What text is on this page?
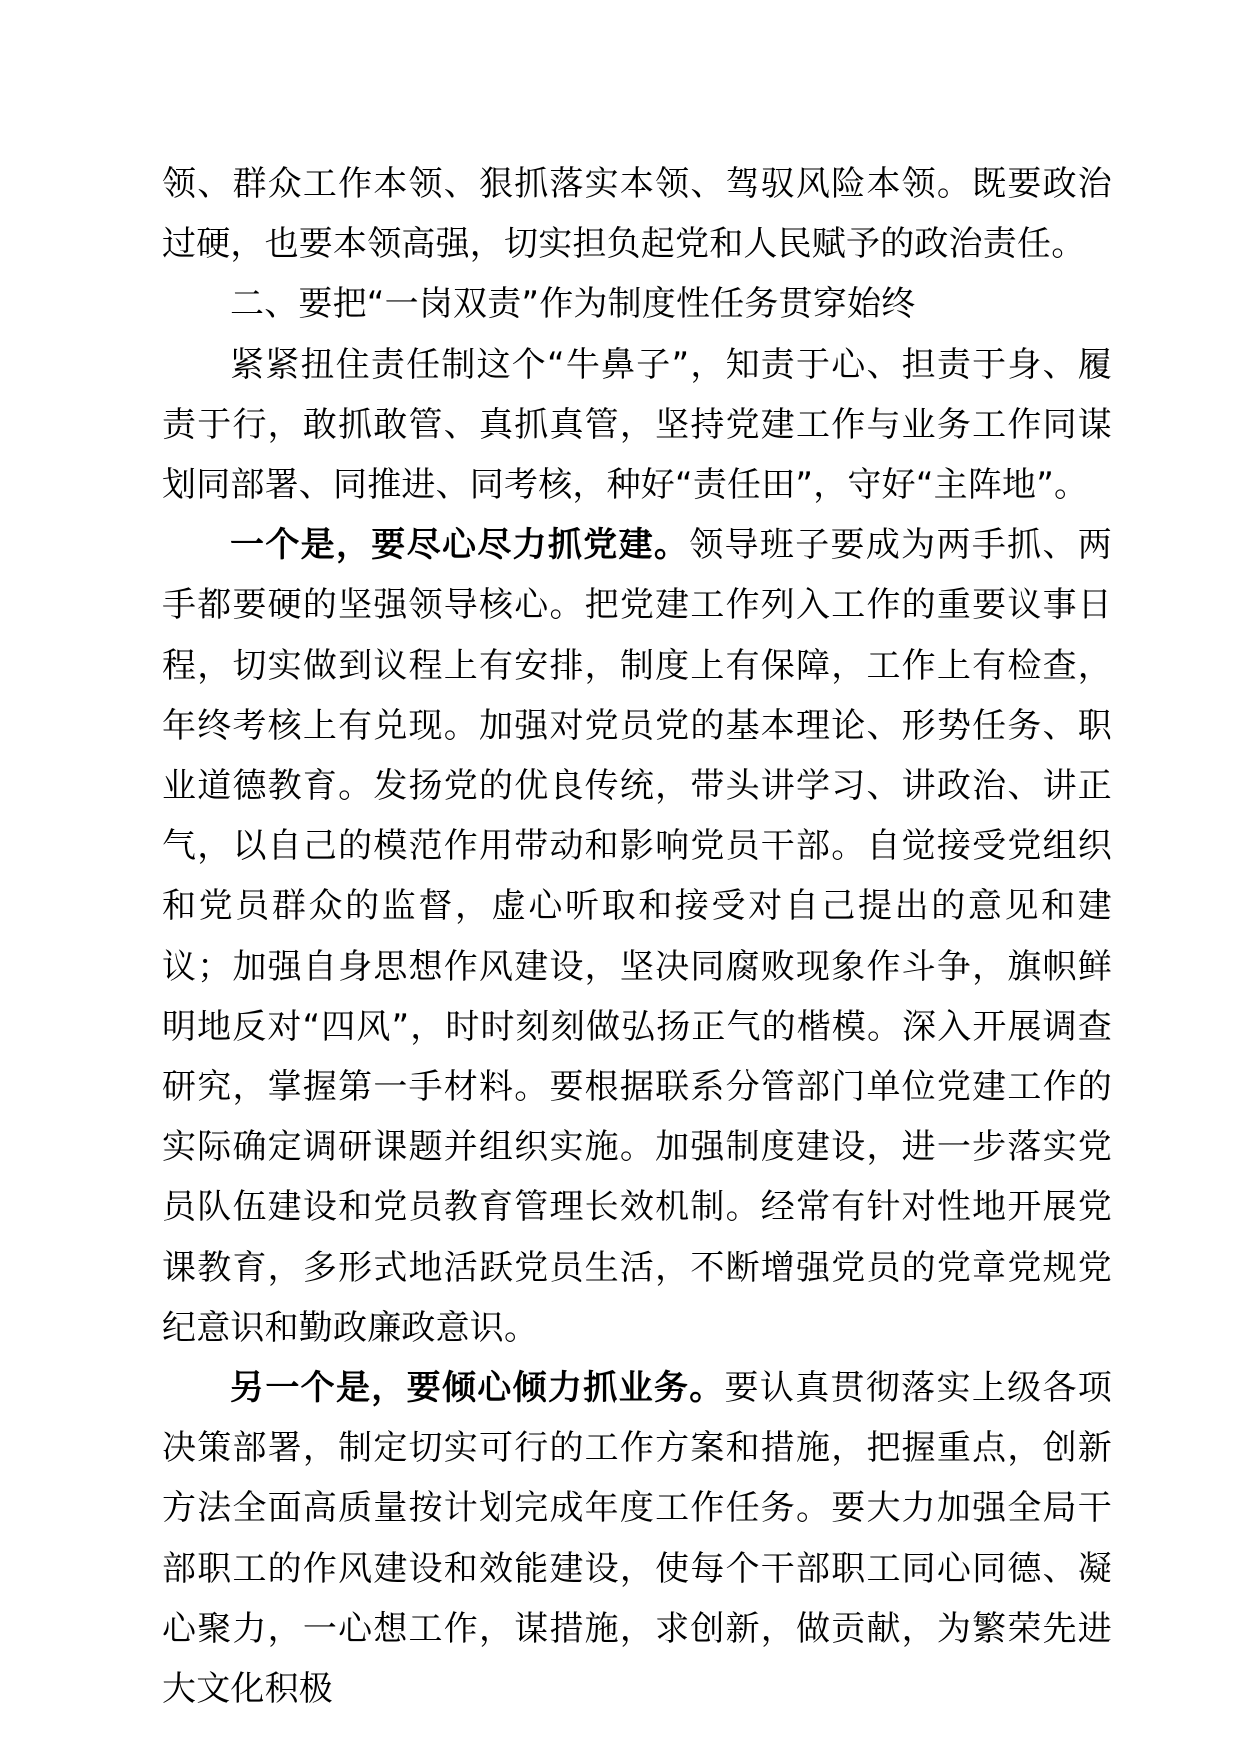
领、群众工作本领、狠抓落实本领、驾驭风险本领。既要政治过硬，也要本领高强，切实担负起党和人民赋予的政治责任。

二、要把“一岗双责”作为制度性任务贯穿始终

紧紧扭住责任制这个“牛鼻子”，知责于心、担责于身、履责于行，敢抓敢管、真抓真管，坚持党建工作与业务工作同谋划同部署、同推进、同考核，种好“责任田”，守好“主阵地”。

一个是，要尽心尽力抓党建。领导班子要成为两手抓、两手都要硬的坚强领导核心。把党建工作列入工作的重要议事日程，切实做到议程上有安排，制度上有保障，工作上有检查，年终考核上有兑现。加强对党员党的基本理论、形势任务、职业道德教育。发扬党的优良传统，带头讲学习、讲政治、讲正气，以自己的模范作用带动和影响党员干部。自觉接受党组织和党员群众的监督，虚心听取和接受对自己提出的意见和建议；加强自身思想作风建设，坚决同腐败现象作斗争，旗帜鲜明地反对“四风”，时时刻刻做弘扬正气的楷模。深入开展调查研究，掌握第一手材料。要根据联系分管部门单位党建工作的实际确定调研课题并组织实施。加强制度建设，进一步落实党员队伍建设和党员教育管理长效机制。经常有针对性地开展党课教育，多形式地活跃党员生活，不断增强党员的党章党规党纪意识和勤政廉政意识。

另一个是，要倾心倾力抓业务。要认真贯彻落实上级各项决策部署，制定切实可行的工作方案和措施，把握重点，创新方法全面高质量按计划完成年度工作任务。要大力加强全局干部职工的作风建设和效能建设，使每个干部职工同心同德、凝心聚力，一心想工作，谋措施，求创新，做贡献，为繁荣先进大文化积极
